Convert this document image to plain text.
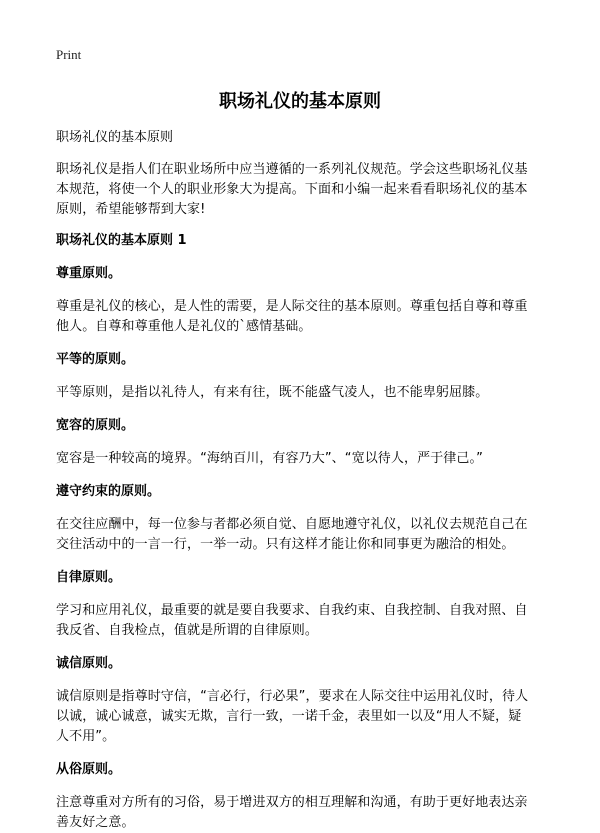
Print
职场礼仪的基本原则
职场礼仪的基本原则
职场礼仪是指人们在职业场所中应当遵循的一系列礼仪规范。学会这些职场礼仪基
本规范，将使一个人的职业形象大为提高。下面和小编一起来看看职场礼仪的基本
原则，希望能够帮到大家!
职场礼仪的基本原则 1
尊重原则。
尊重是礼仪的核心，是人性的需要，是人际交往的基本原则。尊重包括自尊和尊重
他人。自尊和尊重他人是礼仪的`感情基础。
平等的原则。
平等原则，是指以礼待人，有来有往，既不能盛气凌人，也不能卑躬屈膝。
宽容的原则。
宽容是一种较高的境界。“海纳百川，有容乃大”、“宽以待人，严于律己。”
遵守约束的原则。
在交往应酬中，每一位参与者都必须自觉、自愿地遵守礼仪，以礼仪去规范自己在
交往活动中的一言一行，一举一动。只有这样才能让你和同事更为融洽的相处。
自律原则。
学习和应用礼仪，最重要的就是要自我要求、自我约束、自我控制、自我对照、自
我反省、自我检点，值就是所谓的自律原则。
诚信原则。
诚信原则是指尊时守信，“言必行，行必果”，要求在人际交往中运用礼仪时，待人
以诚，诚心诚意，诚实无欺，言行一致，一诺千金，表里如一以及“用人不疑，疑
人不用”。
从俗原则。
注意尊重对方所有的习俗，易于增进双方的相互理解和沟通，有助于更好地表达亲
善友好之意。
